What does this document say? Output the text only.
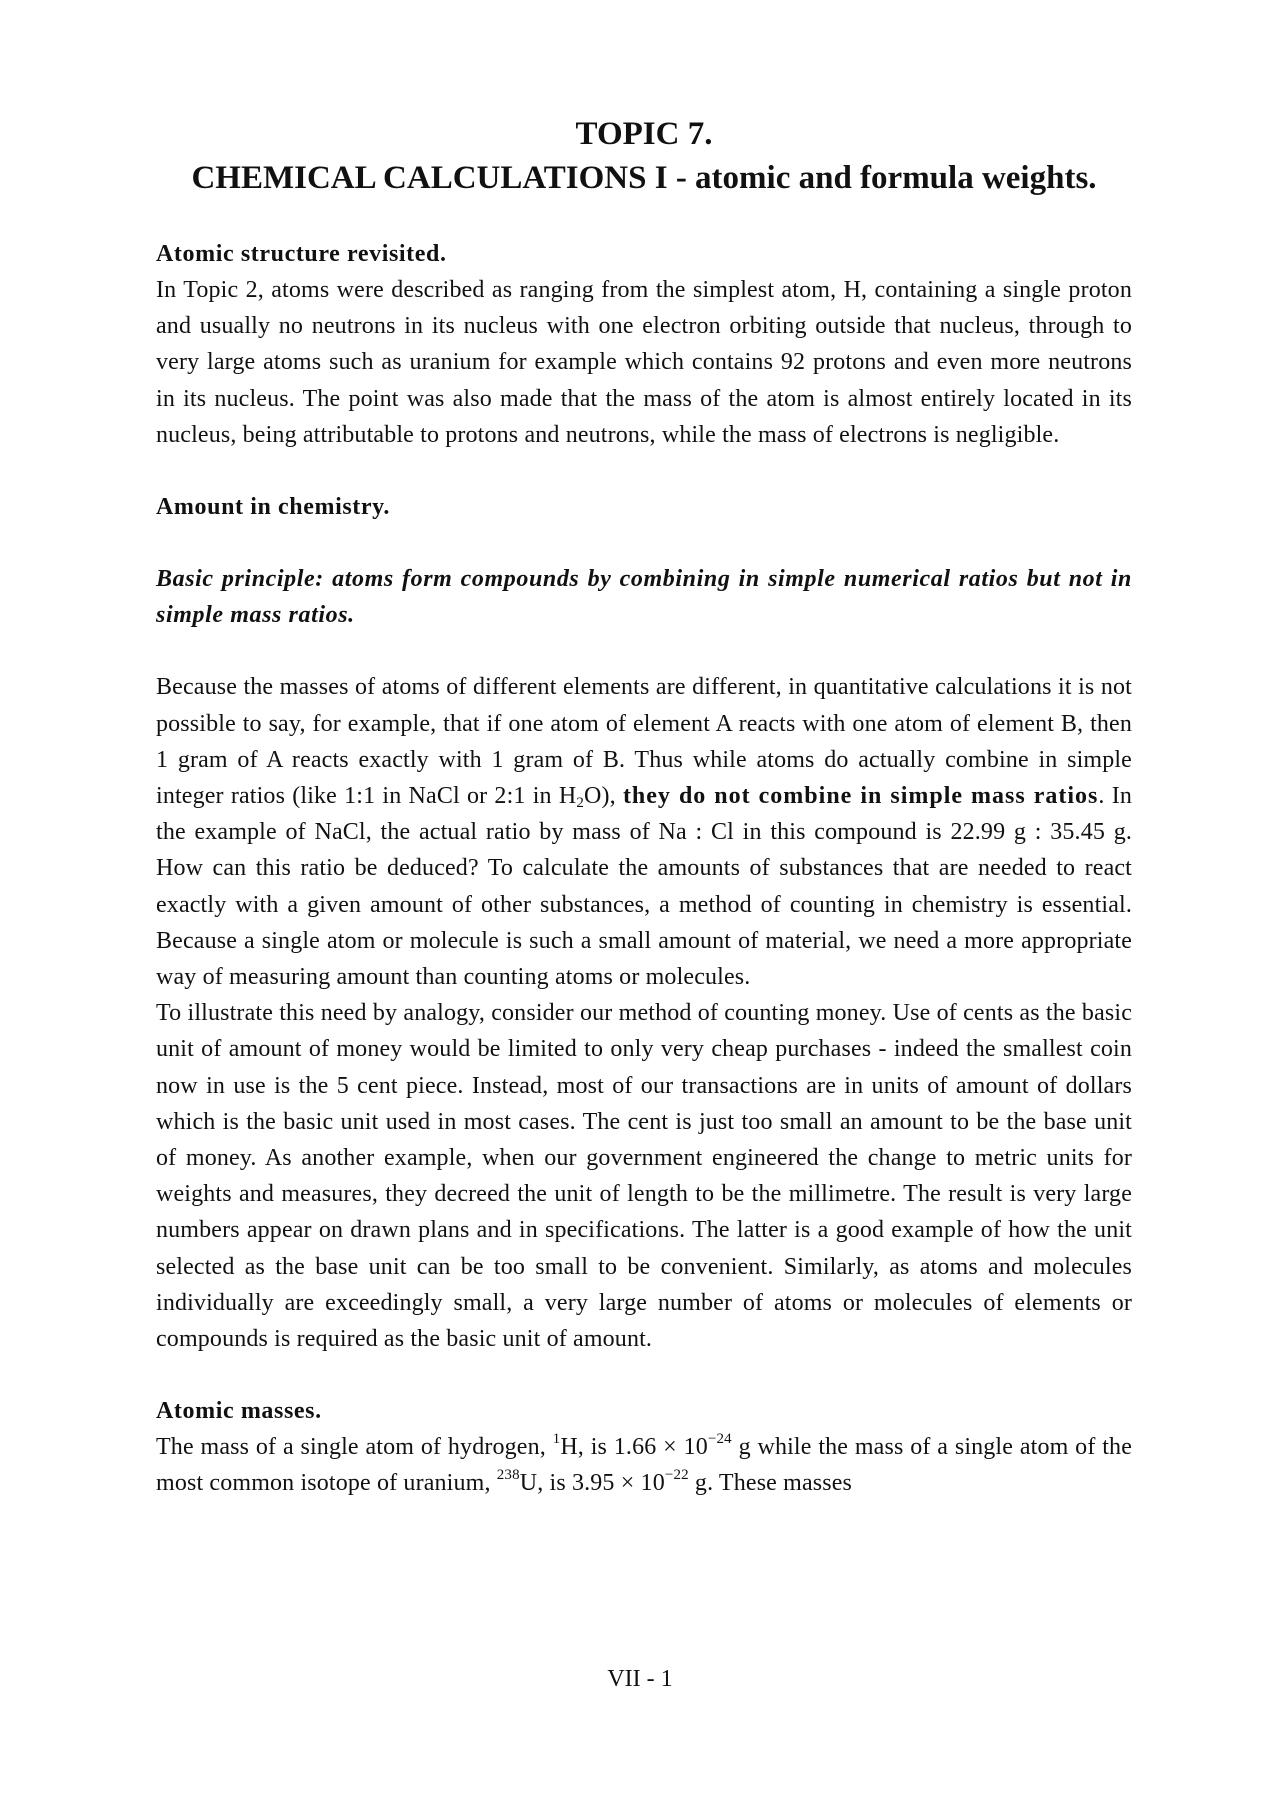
TOPIC 7.
CHEMICAL CALCULATIONS I - atomic and formula weights.
Atomic structure revisited.

In Topic 2, atoms were described as ranging from the simplest atom, H, containing a single proton and usually no neutrons in its nucleus with one electron orbiting outside that nucleus, through to very large atoms such as uranium for example which contains 92 protons and even more neutrons in its nucleus. The point was also made that the mass of the atom is almost entirely located in its nucleus, being attributable to protons and neutrons, while the mass of electrons is negligible.

Amount in chemistry.

Basic principle: atoms form compounds by combining in simple numerical ratios but not in simple mass ratios.

Because the masses of atoms of different elements are different, in quantitative calculations it is not possible to say, for example, that if one atom of element A reacts with one atom of element B, then 1 gram of A reacts exactly with 1 gram of B. Thus while atoms do actually combine in simple integer ratios (like 1:1 in NaCl or 2:1 in $H_2O$), they do not combine in simple mass ratios. In the example of NaCl, the actual ratio by mass of Na : Cl in this compound is 22.99 g : 35.45 g. How can this ratio be deduced? To calculate the amounts of substances that are needed to react exactly with a given amount of other substances, a method of counting in chemistry is essential. Because a single atom or molecule is such a small amount of material, we need a more appropriate way of measuring amount than counting atoms or molecules.

To illustrate this need by analogy, consider our method of counting money. Use of cents as the basic unit of amount of money would be limited to only very cheap purchases - indeed the smallest coin now in use is the 5 cent piece. Instead, most of our transactions are in units of amount of dollars which is the basic unit used in most cases. The cent is just too small an amount to be the base unit of money. As another example, when our government engineered the change to metric units for weights and measures, they decreed the unit of length to be the millimetre. The result is very large numbers appear on drawn plans and in specifications. The latter is a good example of how the unit selected as the base unit can be too small to be convenient. Similarly, as atoms and molecules individually are exceedingly small, a very large number of atoms or molecules of elements or compounds is required as the basic unit of amount.

Atomic masses.

The mass of a single atom of hydrogen, $^1$H, is $1.66 \times 10^{-24}$ g while the mass of a single atom of the most common isotope of uranium, $^{238}$U, is $3.95 \times 10^{-22}$ g. These masses

VII - 1
